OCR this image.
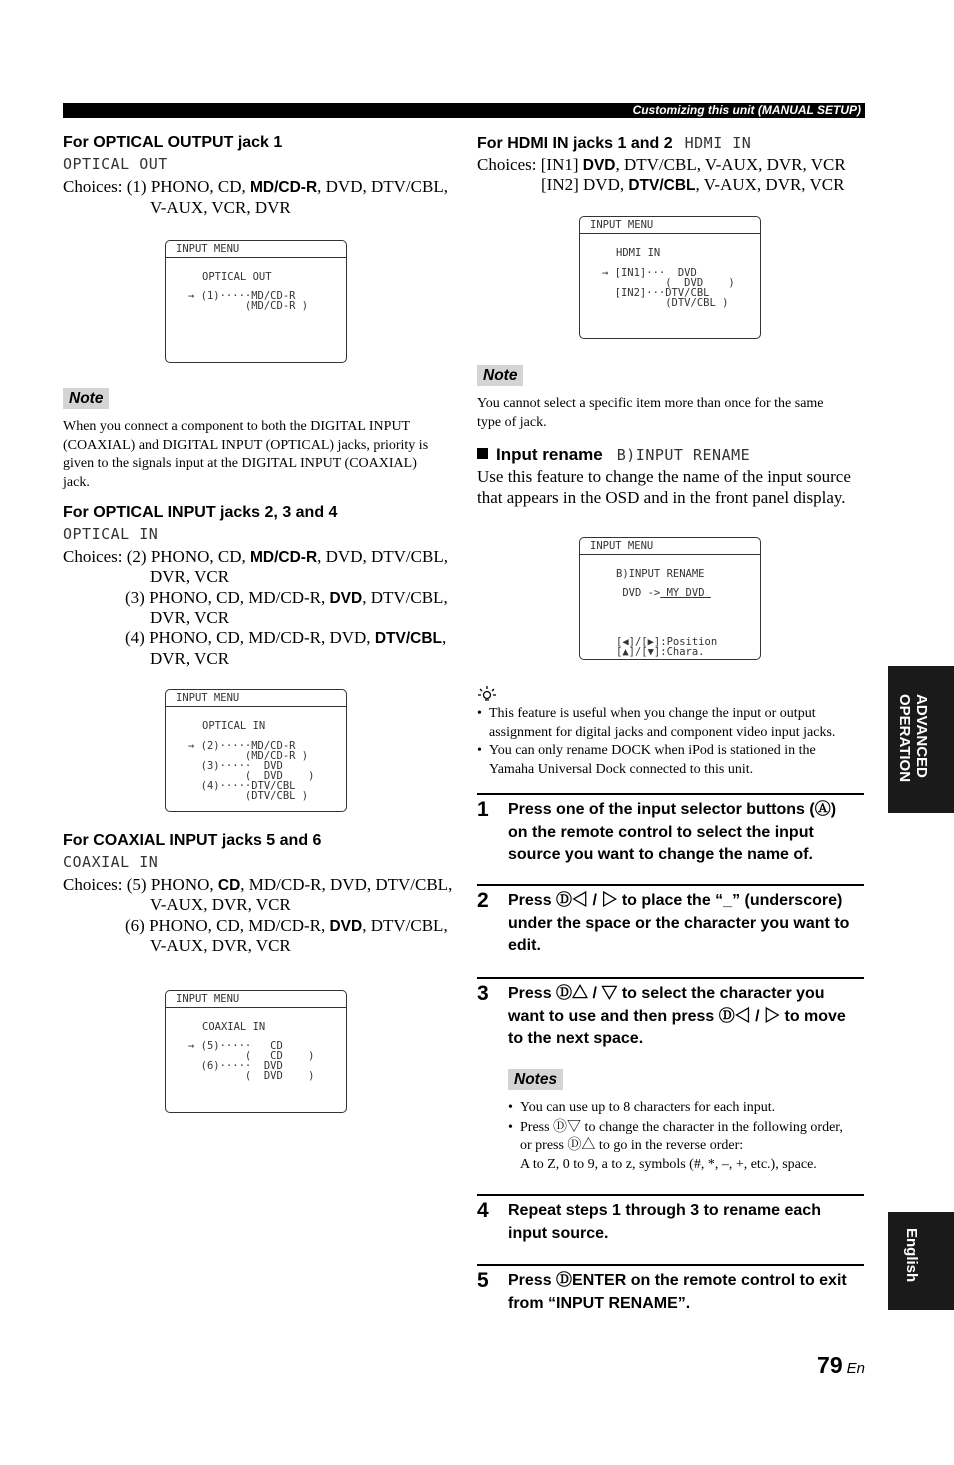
Customizing this unit (MANUAL SETUP)
For OPTICAL OUTPUT jack 1
OPTICAL OUT
Choices: (1) PHONO, CD, MD/CD-R, DVD, DTV/CBL,
V-AUX, VCR, DVR
INPUT MENU
OPTICAL OUT
→ (1)·····MD/CD-R
(MD/CD-R )
Note
When you connect a component to both the DIGITAL INPUT
(COAXIAL) and DIGITAL INPUT (OPTICAL) jacks, priority is
given to the signals input at the DIGITAL INPUT (COAXIAL)
jack.
For OPTICAL INPUT jacks 2, 3 and 4
OPTICAL IN
Choices: (2) PHONO, CD, MD/CD-R, DVD, DTV/CBL,
DVR, VCR
(3) PHONO, CD, MD/CD-R, DVD, DTV/CBL,
DVR, VCR
(4) PHONO, CD, MD/CD-R, DVD, DTV/CBL,
DVR, VCR
INPUT MENU
OPTICAL IN
→ (2)·····MD/CD-R
(MD/CD-R )
(3)·····  DVD
(  DVD    )
(4)·····DTV/CBL
(DTV/CBL )
For COAXIAL INPUT jacks 5 and 6
COAXIAL IN
Choices: (5) PHONO, CD, MD/CD-R, DVD, DTV/CBL,
V-AUX, DVR, VCR
(6) PHONO, CD, MD/CD-R, DVD, DTV/CBL,
V-AUX, DVR, VCR
INPUT MENU
COAXIAL IN
→ (5)·····   CD
(   CD    )
(6)·····  DVD
(  DVD    )
For HDMI IN jacks 1 and 2 HDMI IN
Choices: [IN1] DVD, DTV/CBL, V-AUX, DVR, VCR
[IN2] DVD, DTV/CBL, V-AUX, DVR, VCR
INPUT MENU
HDMI IN
→ [IN1]···  DVD
(  DVD    )
[IN2]···DTV/CBL
(DTV/CBL )
Note
You cannot select a specific item more than once for the same
type of jack.
Input rename B)INPUT RENAME
Use this feature to change the name of the input source
that appears in the OSD and in the front panel display.
INPUT MENU
B)INPUT RENAME
DVD -> MY DVD
[◀]/[▶]:Position
[▲]/[▼]:Chara.
• This feature is useful when you change the input or output
assignment for digital jacks and component video input jacks.
• You can only rename DOCK when iPod is stationed in the
Yamaha Universal Dock connected to this unit.
1 Press one of the input selector buttons (Ⓐ)
on the remote control to select the input
source you want to change the name of.
2 Press Ⓓ◁ / ▷ to place the “_” (underscore)
under the space or the character you want to
edit.
3 Press Ⓓ△ / ▽ to select the character you
want to use and then press Ⓓ◁ / ▷ to move
to the next space.
Notes
• You can use up to 8 characters for each input.
• Press Ⓓ▽ to change the character in the following order,
or press Ⓓ△ to go in the reverse order:
A to Z, 0 to 9, a to z, symbols (#, *, –, +, etc.), space.
4 Repeat steps 1 through 3 to rename each
input source.
5 Press ⒹENTER on the remote control to exit
from “INPUT RENAME”.
ADVANCED
OPERATION
English
79 En
